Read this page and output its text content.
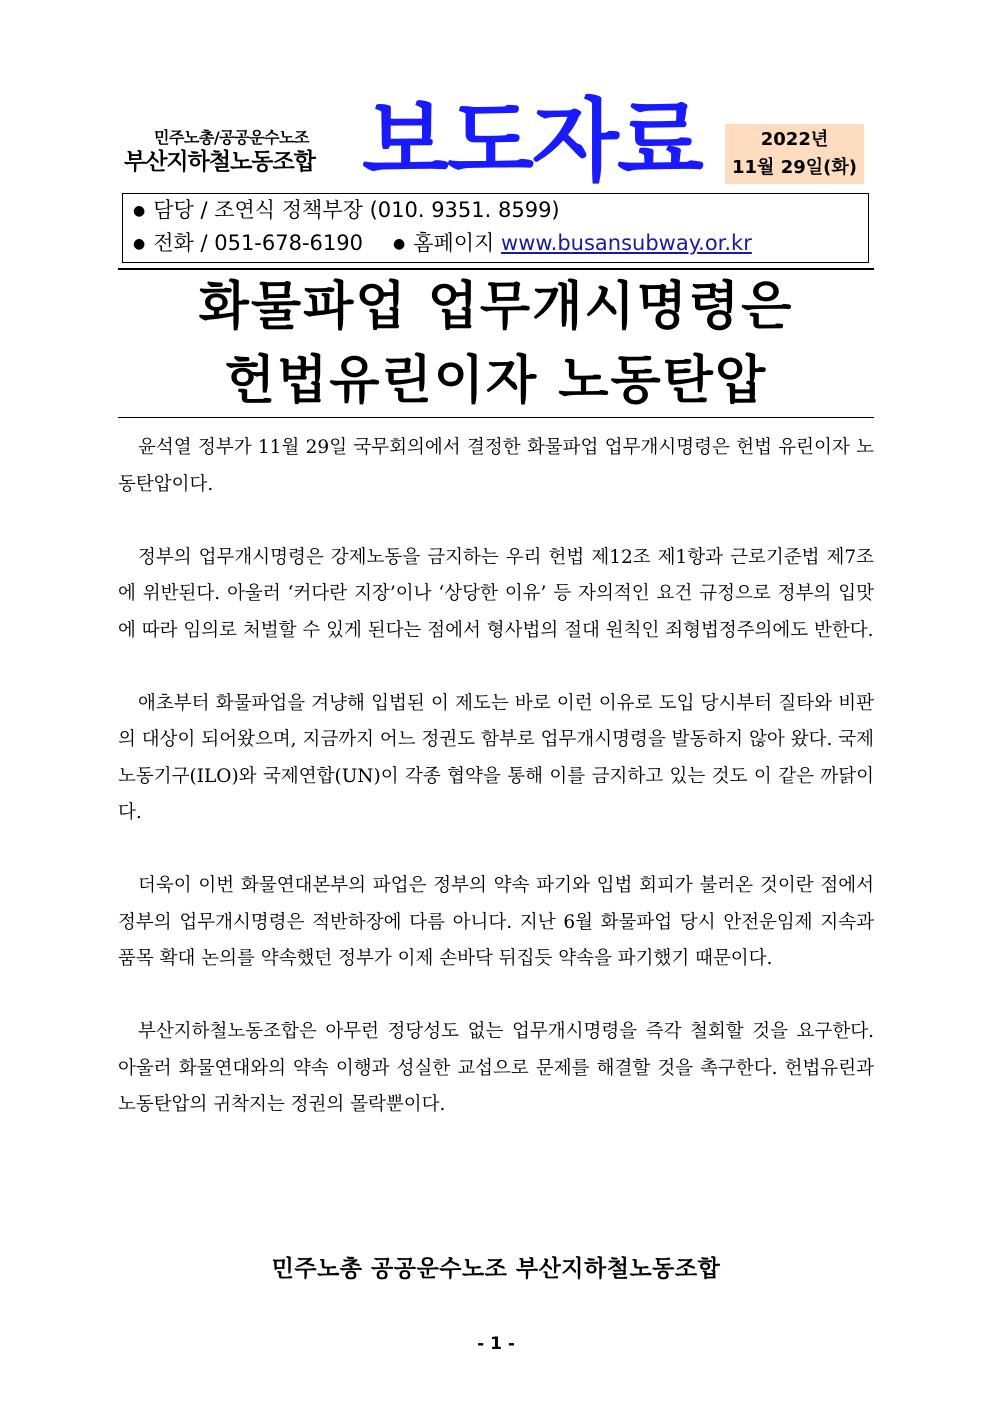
민주노총/공공운수노조
부산지하철노동조합 보도자료	2022년
11월 29일(화)
● 담당 / 조연식 정책부장 (010. 9351. 8599)
● 전화 / 051-678-6190 ● 홈페이지 www.busansubway.or.kr
화물파업 업무개시명령은
헌법유린이자 노동탄압

윤석열 정부가 11월 29일 국무회의에서 결정한 화물파업 업무개시명령은 헌법 유린이자 노동탄압이다.

정부의 업무개시명령은 강제노동을 금지하는 우리 헌법 제12조 제1항과 근로기준법 제7조에 위반된다. 아울러 ‘커다란 지장’이나 ‘상당한 이유’ 등 자의적인 요건 규정으로 정부의 입맛에 따라 임의로 처벌할 수 있게 된다는 점에서 형사법의 절대 원칙인 죄형법정주의에도 반한다.

애초부터 화물파업을 겨냥해 입법된 이 제도는 바로 이런 이유로 도입 당시부터 질타와 비판의 대상이 되어왔으며, 지금까지 어느 정권도 함부로 업무개시명령을 발동하지 않아 왔다. 국제노동기구(ILO)와 국제연합(UN)이 각종 협약을 통해 이를 금지하고 있는 것도 이 같은 까닭이다.

더욱이 이번 화물연대본부의 파업은 정부의 약속 파기와 입법 회피가 불러온 것이란 점에서 정부의 업무개시명령은 적반하장에 다름 아니다. 지난 6월 화물파업 당시 안전운임제 지속과 품목 확대 논의를 약속했던 정부가 이제 손바닥 뒤집듯 약속을 파기했기 때문이다.

부산지하철노동조합은 아무런 정당성도 없는 업무개시명령을 즉각 철회할 것을 요구한다. 아울러 화물연대와의 약속 이행과 성실한 교섭으로 문제를 해결할 것을 촉구한다. 헌법유린과 노동탄압의 귀착지는 정권의 몰락뿐이다.

민주노총 공공운수노조 부산지하철노동조합
- 1 -
